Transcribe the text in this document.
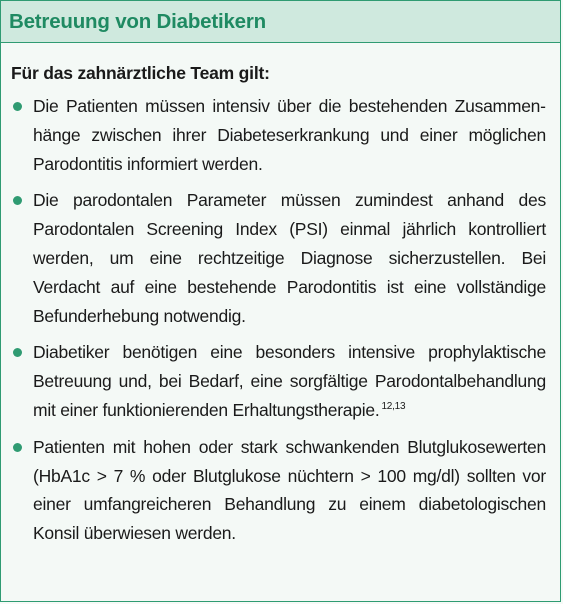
Betreuung von Diabetikern

Für das zahnärztliche Team gilt:

Die Patienten müssen intensiv über die bestehenden Zusammenhänge zwischen ihrer Diabeteserkrankung und einer möglichen Parodontitis informiert werden.
Die parodontalen Parameter müssen zumindest anhand des Parodontalen Screening Index (PSI) einmal jährlich kontrolliert werden, um eine rechtzeitige Diagnose sicherzustellen. Bei Verdacht auf eine bestehende Parodontitis ist eine vollständige Befunderhebung notwendig.
Diabetiker benötigen eine besonders intensive prophylaktische Betreuung und, bei Bedarf, eine sorgfältige Parodontalbehandlung mit einer funktionierenden Erhaltungstherapie. $^{12,13}$
Patienten mit hohen oder stark schwankenden Blutglukosewerten (HbA1c > 7 % oder Blutglukose nüchtern > 100 mg/dl) sollten vor einer umfangreicheren Behandlung zu einem diabetologischen Konsil überwiesen werden.
